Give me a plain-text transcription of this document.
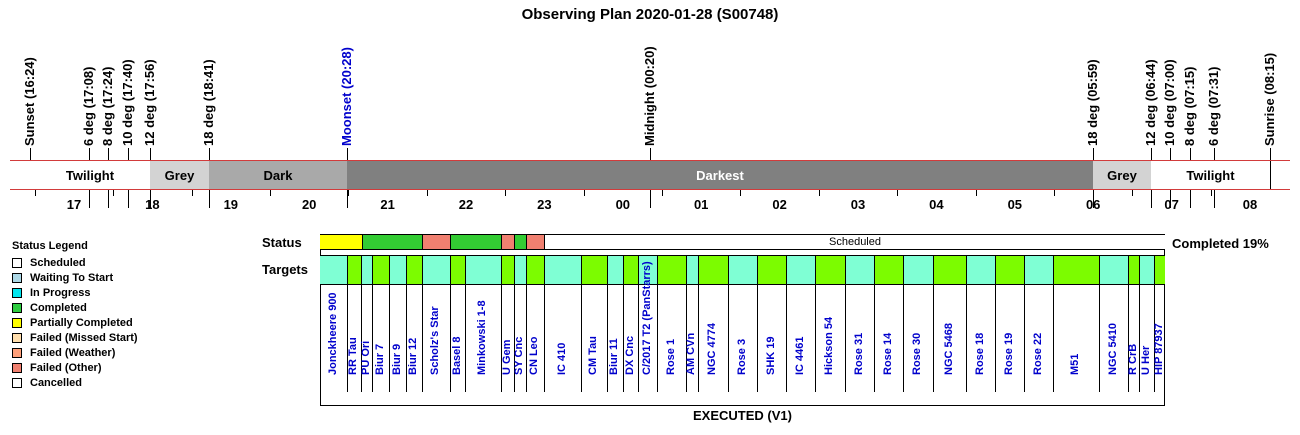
Observing Plan 2020-01-28 (S00748)
Sunset (16:24)	6 deg (17:08) 8 deg (17:24) 10 deg (17:40) 12 deg (17:56)	18 deg (18:41)	Moonset (20:28)	Midnight (00:20)	18 deg (05:59)	12 deg (06:44) 10 deg (07:00) 8 deg (07:15) 6 deg (07:31)	Sunrise (08:15)
Twilight	Grey	Dark	Darkest	Grey	Twilight
17	18	19	20	21	22	23	00	01	02	03	04	05	06	07	08
Status
Targets
Completed 19%
Status Legend
Scheduled
Waiting To Start
In Progress
Completed
Partially Completed
Failed (Missed Start)
Failed (Weather)
Failed (Other)
Cancelled
Scheduled
Jonckheere 900 RR Tau PU Ori Biur 7 Biur 9 Biur 12 Scholz's Star Basel 8 Minkowski 1-8 U Gem SY Cnc CN Leo IC 410 CM Tau Biur 11 DX Cnc C/2017 T2 (PanStarrs) Rose 1 AM CVn NGC 4774 Rose 3 SHK 19 IC 4461 Hickson 54 Rose 31 Rose 14 Rose 30 NGC 5468 Rose 18 Rose 19 Rose 22 M51 NGC 5410 R CrB U Her HIP 87937
EXECUTED (V1)
